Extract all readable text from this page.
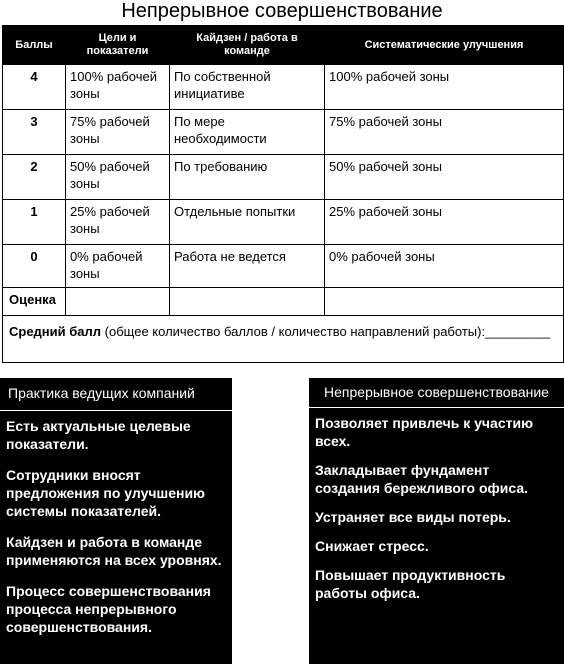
Непрерывное совершенствование
Баллы	Цели и показатели	Кайдзен / работа в команде	Систематические улучшения
4	100% рабочей зоны	По собственной инициативе	100% рабочей зоны
3	75% рабочей зоны	По мере необходимости	75% рабочей зоны
2	50% рабочей зоны	По требованию	50% рабочей зоны
1	25% рабочей зоны	Отдельные попытки	25% рабочей зоны
0	0% рабочей зоны	Работа не ведется	0% рабочей зоны
Оценка			
Средний балл (общее количество баллов / количество направлений работы):_________			
Практика ведущих компаний
Есть актуальные целевые показатели.
Сотрудники вносят предложения по улучшению системы показателей.
Кайдзен и работа в команде применяются на всех уровнях.
Процесс совершенствования процесса непрерывного совершенствования.
Непрерывное совершенствование
Позволяет привлечь к участию всех.
Закладывает фундамент создания бережливого офиса.
Устраняет все виды потерь.
Снижает стресс.
Повышает продуктивность работы офиса.
